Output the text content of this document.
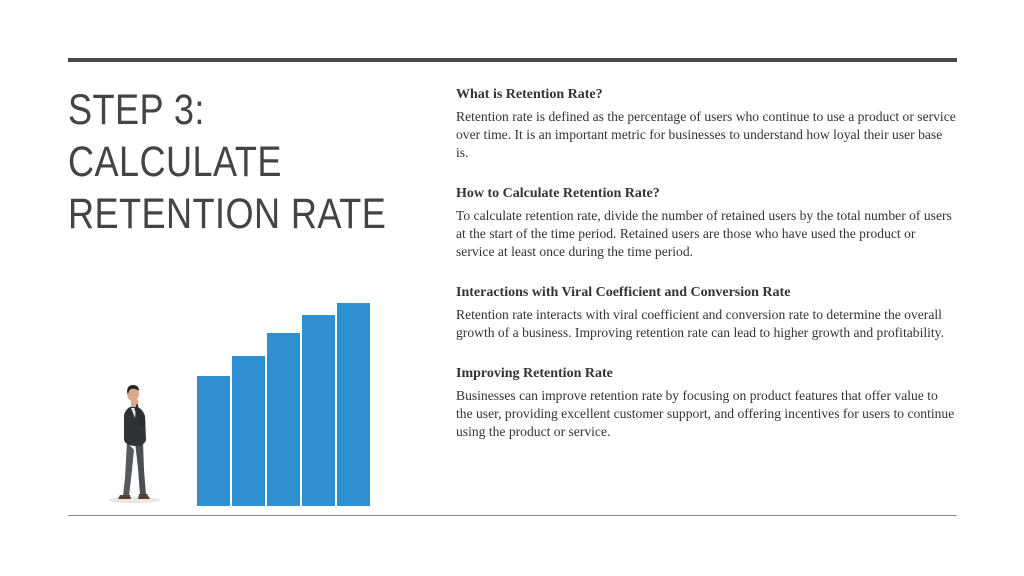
STEP 3:
CALCULATE
RETENTION RATE
What is Retention Rate?

Retention rate is defined as the percentage of users who continue to use a product or service over time. It is an important metric for businesses to understand how loyal their user base is.

How to Calculate Retention Rate?

To calculate retention rate, divide the number of retained users by the total number of users at the start of the time period. Retained users are those who have used the product or service at least once during the time period.

Interactions with Viral Coefficient and Conversion Rate

Retention rate interacts with viral coefficient and conversion rate to determine the overall growth of a business. Improving retention rate can lead to higher growth and profitability.

Improving Retention Rate

Businesses can improve retention rate by focusing on product features that offer value to the user, providing excellent customer support, and offering incentives for users to continue using the product or service.
